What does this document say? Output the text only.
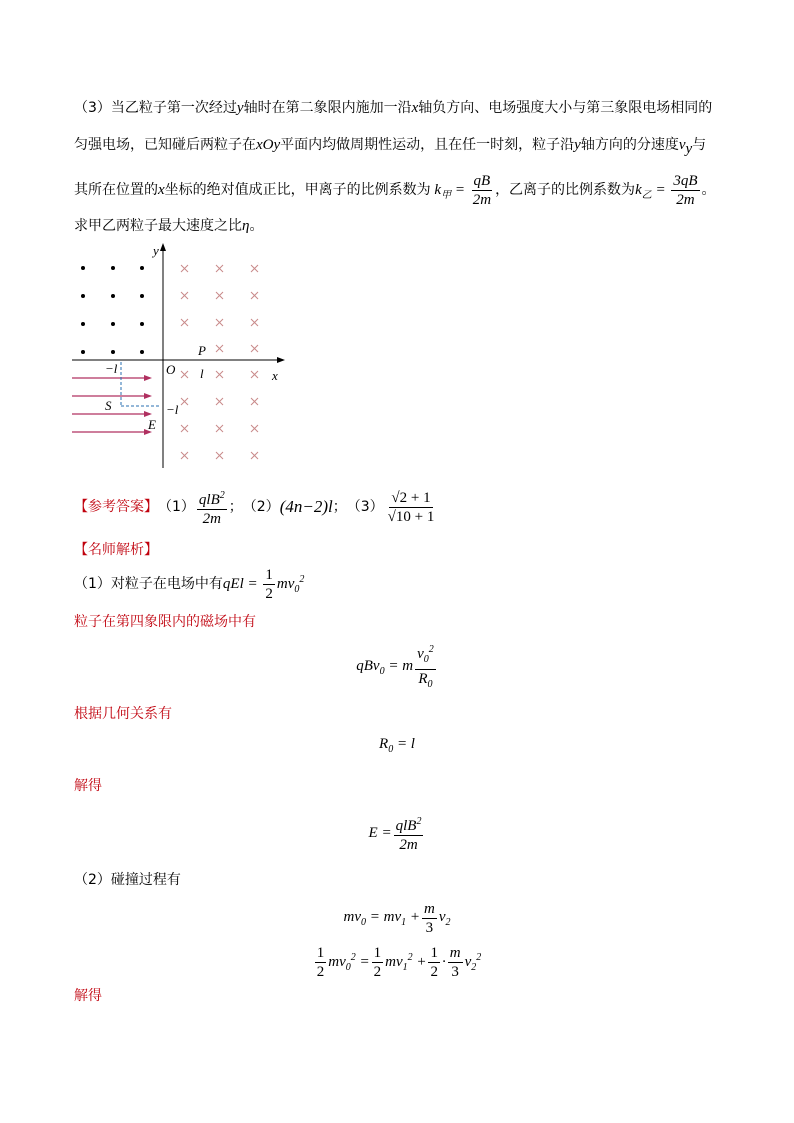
（3）当乙粒子第一次经过y轴时在第二象限内施加一沿x轴负方向、电场强度大小与第三象限电场相同的
匀强电场，已知碰后两粒子在xOy平面内均做周期性运动，且在任一时刻，粒子沿y轴方向的分速度$v_y$与
其所在位置的 x 坐标的绝对值成正比，甲离子的比例系数为 $k_甲 = \frac{qB}{2m}$ ，乙离子的比例系数为 $k_乙 = \frac{3qB}{2m}$ 。
求甲乙两粒子最大速度之比η。
y
x
O
P
l
−l
−l
S
E
【参考答案】 $(1) \frac{qlB^2}{2m}$ ； （2） (4n−2)l ； $(3) \frac{√2 + 1}{√10 + 1}$
【名师解析】
（1）对粒子在电场中有 qEl = $\frac{1}{2} mv_0^2$
粒子在第四象限内的磁场中有
qBv$_0$ = m $\frac{v_0^2}{R_0}$
根据几何关系有
$R_0 = l$
解得
$E = \frac{qlB^2}{2m}$
（2）碰撞过程有
$mv_0 = mv_1 + \frac{m}{3} v_2$
$\frac{1}{2} mv_0^2 = \frac{1}{2} mv_1^2 + \frac{1}{2} \cdot \frac{m}{3} v_2^2$
解得
